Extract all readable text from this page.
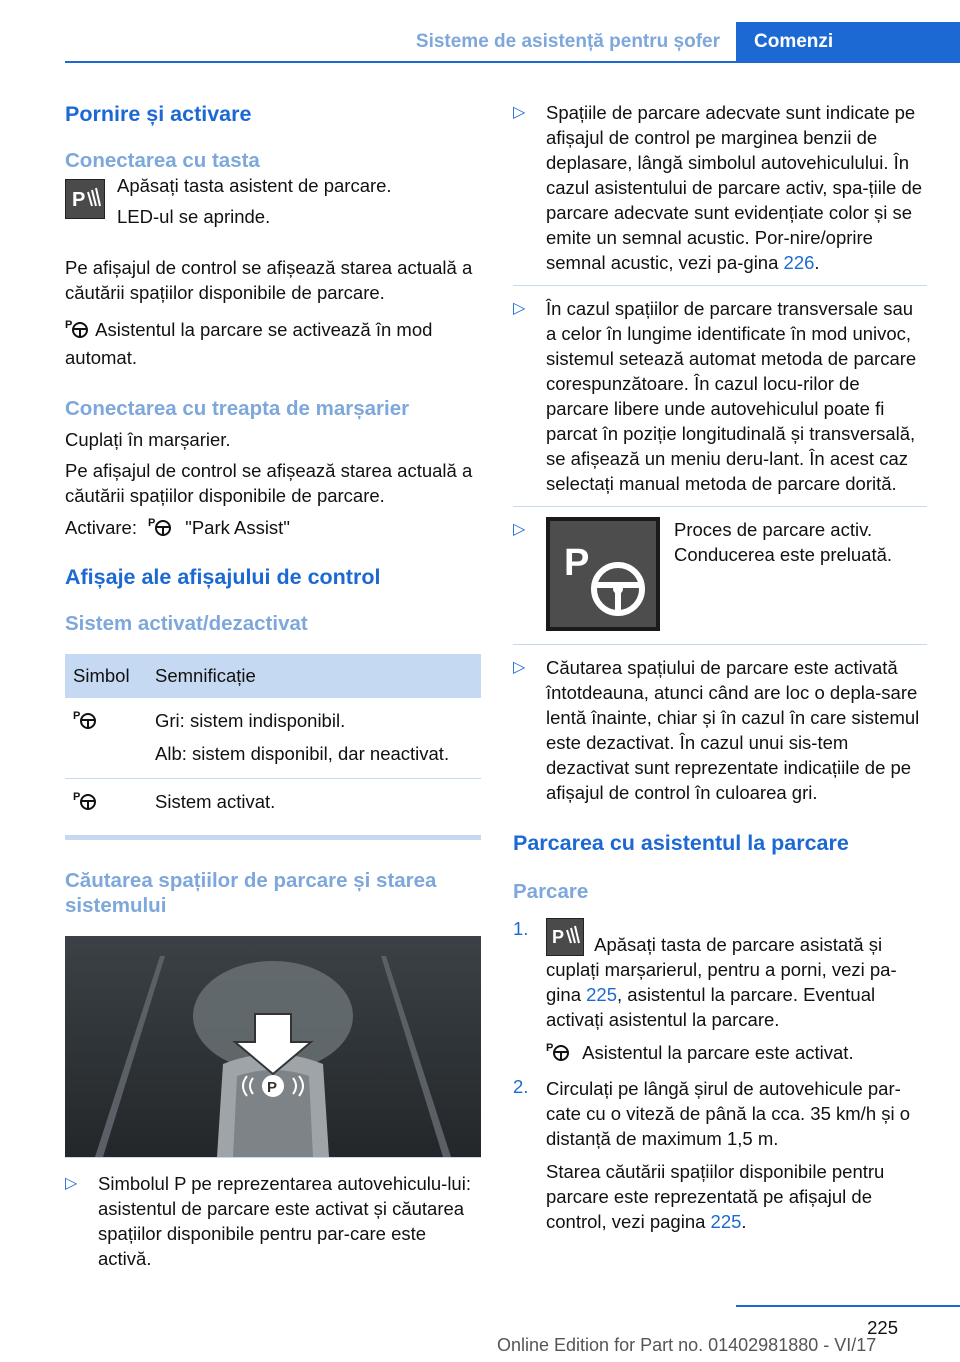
Sisteme de asistență pentru șofer	Comenzi
Pornire și activare
Conectarea cu tasta
P

Apăsați tasta asistent de parcare.

LED-ul se aprinde.

Pe afișajul de control se afișează starea actuală a căutării spațiilor disponibile de parcare.

P Asistentul la parcare se activează în mod automat.

Conectarea cu treapta de marșarier

Cuplați în marșarier.

Pe afișajul de control se afișează starea actuală a căutării spațiilor disponibile de parcare.

Activare: P "Park Assist"

Afișaje ale afișajului de control
Sistem activat/dezactivat
Simbol	Semnificație

P	Gri: sistem indisponibil.
Alb: sistem disponibil, dar neactivat.

P	Sistem activat.
Căutarea spațiilor de parcare și starea sistemului
P
▷ Simbolul P pe reprezentarea autovehiculu-lui: asistentul de parcare este activat și căutarea spațiilor disponibile pentru par-care este activă.

▷ Spațiile de parcare adecvate sunt indicate pe afișajul de control pe marginea benzii de deplasare, lângă simbolul autovehiculului. În cazul asistentului de parcare activ, spa-țiile de parcare adecvate sunt evidențiate color și se emite un semnal acustic. Por-nire/oprire semnal acustic, vezi pa-gina 226.

▷ În cazul spațiilor de parcare transversale sau a celor în lungime identificate în mod univoc, sistemul setează automat metoda de parcare corespunzătoare. În cazul locu-rilor de parcare libere unde autovehiculul poate fi parcat în poziție longitudinală și transversală, se afișează un meniu deru-lant. În acest caz selectați manual metoda de parcare dorită.

▷
P

Proces de parcare activ. Conducerea este preluată.

▷ Căutarea spațiului de parcare este activată întotdeauna, atunci când are loc o depla-sare lentă înainte, chiar și în cazul în care sistemul este dezactivat. În cazul unui sis-tem dezactivat sunt reprezentate indicațiile de pe afișajul de control în culoarea gri.

Parcarea cu asistentul la parcare
Parcare
1. P Apăsați tasta de parcare asistată și cuplați marșarierul, pentru a porni, vezi pa-gina 225, asistentul la parcare. Eventual activați asistentul la parcare.

P Asistentul la parcare este activat.

2. Circulați pe lângă șirul de autovehicule par-cate cu o viteză de până la cca. 35 km/h și o distanță de maximum 1,5 m.

Starea căutării spațiilor disponibile pentru parcare este reprezentată pe afișajul de control, vezi pagina 225.

225
Online Edition for Part no. 01402981880 - VI/17
